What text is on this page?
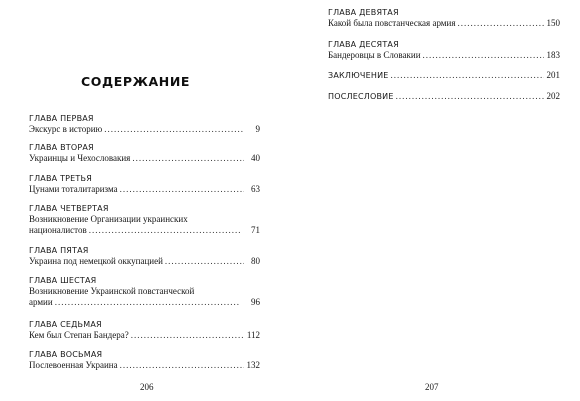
СОДЕРЖАНИЕ
ГЛАВА ПЕРВАЯ
Экскурс в историю .....	9
ГЛАВА ВТОРАЯ
Украинцы и Чехословакия .....	40
ГЛАВА ТРЕТЬЯ
Цунами тоталитаризма .....	63
ГЛАВА ЧЕТВЕРТАЯ
Возникновение Организации украинских
националистов .....	71
ГЛАВА ПЯТАЯ
Украина под немецкой оккупацией .....	80
ГЛАВА ШЕСТАЯ
Возникновение Украинской повстанческой
армии .....	96
ГЛАВА СЕДЬМАЯ
Кем был Степан Бандера? .....	112
ГЛАВА ВОСЬМАЯ
Послевоенная Украина .....	132
206
ГЛАВА ДЕВЯТАЯ
Какой была повстанческая армия .....	150
ГЛАВА ДЕСЯТАЯ
Бандеровцы в Словакии .....	183
ЗАКЛЮЧЕНИЕ .....	201
ПОСЛЕСЛОВИЕ .....	202
207
